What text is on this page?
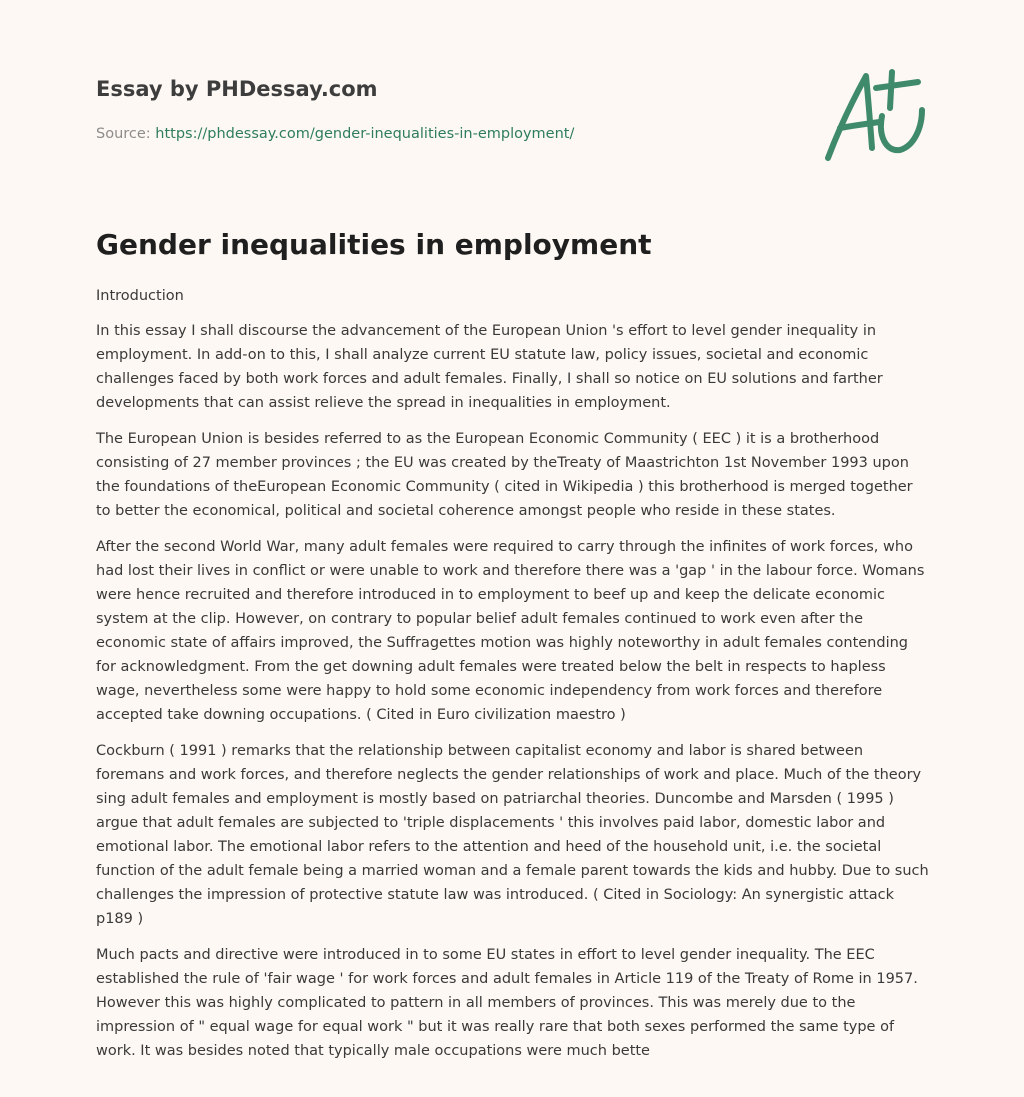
Essay by PHDessay.com
Source: https://phdessay.com/gender-inequalities-in-employment/
Gender inequalities in employment
Introduction

In this essay I shall discourse the advancement of the European Union 's effort to level gender inequality in employment. In add-on to this, I shall analyze current EU statute law, policy issues, societal and economic challenges faced by both work forces and adult females. Finally, I shall so notice on EU solutions and farther developments that can assist relieve the spread in inequalities in employment.

The European Union is besides referred to as the European Economic Community ( EEC ) it is a brotherhood consisting of 27 member provinces ; the EU was created by theTreaty of Maastrichton 1st November 1993 upon the foundations of theEuropean Economic Community ( cited in Wikipedia ) this brotherhood is merged together to better the economical, political and societal coherence amongst people who reside in these states.

After the second World War, many adult females were required to carry through the infinites of work forces, who had lost their lives in conflict or were unable to work and therefore there was a 'gap ' in the labour force. Womans were hence recruited and therefore introduced in to employment to beef up and keep the delicate economic system at the clip. However, on contrary to popular belief adult females continued to work even after the economic state of affairs improved, the Suffragettes motion was highly noteworthy in adult females contending for acknowledgment. From the get downing adult females were treated below the belt in respects to hapless wage, nevertheless some were happy to hold some economic independency from work forces and therefore accepted take downing occupations. ( Cited in Euro civilization maestro )

Cockburn ( 1991 ) remarks that the relationship between capitalist economy and labor is shared between foremans and work forces, and therefore neglects the gender relationships of work and place. Much of the theory sing adult females and employment is mostly based on patriarchal theories. Duncombe and Marsden ( 1995 ) argue that adult females are subjected to 'triple displacements ' this involves paid labor, domestic labor and emotional labor. The emotional labor refers to the attention and heed of the household unit, i.e. the societal function of the adult female being a married woman and a female parent towards the kids and hubby. Due to such challenges the impression of protective statute law was introduced. ( Cited in Sociology: An synergistic attack p189 )

Much pacts and directive were introduced in to some EU states in effort to level gender inequality. The EEC established the rule of 'fair wage ' for work forces and adult females in Article 119 of the Treaty of Rome in 1957. However this was highly complicated to pattern in all members of provinces. This was merely due to the impression of " equal wage for equal work " but it was really rare that both sexes performed the same type of work. It was besides noted that typically male occupations were much bette
